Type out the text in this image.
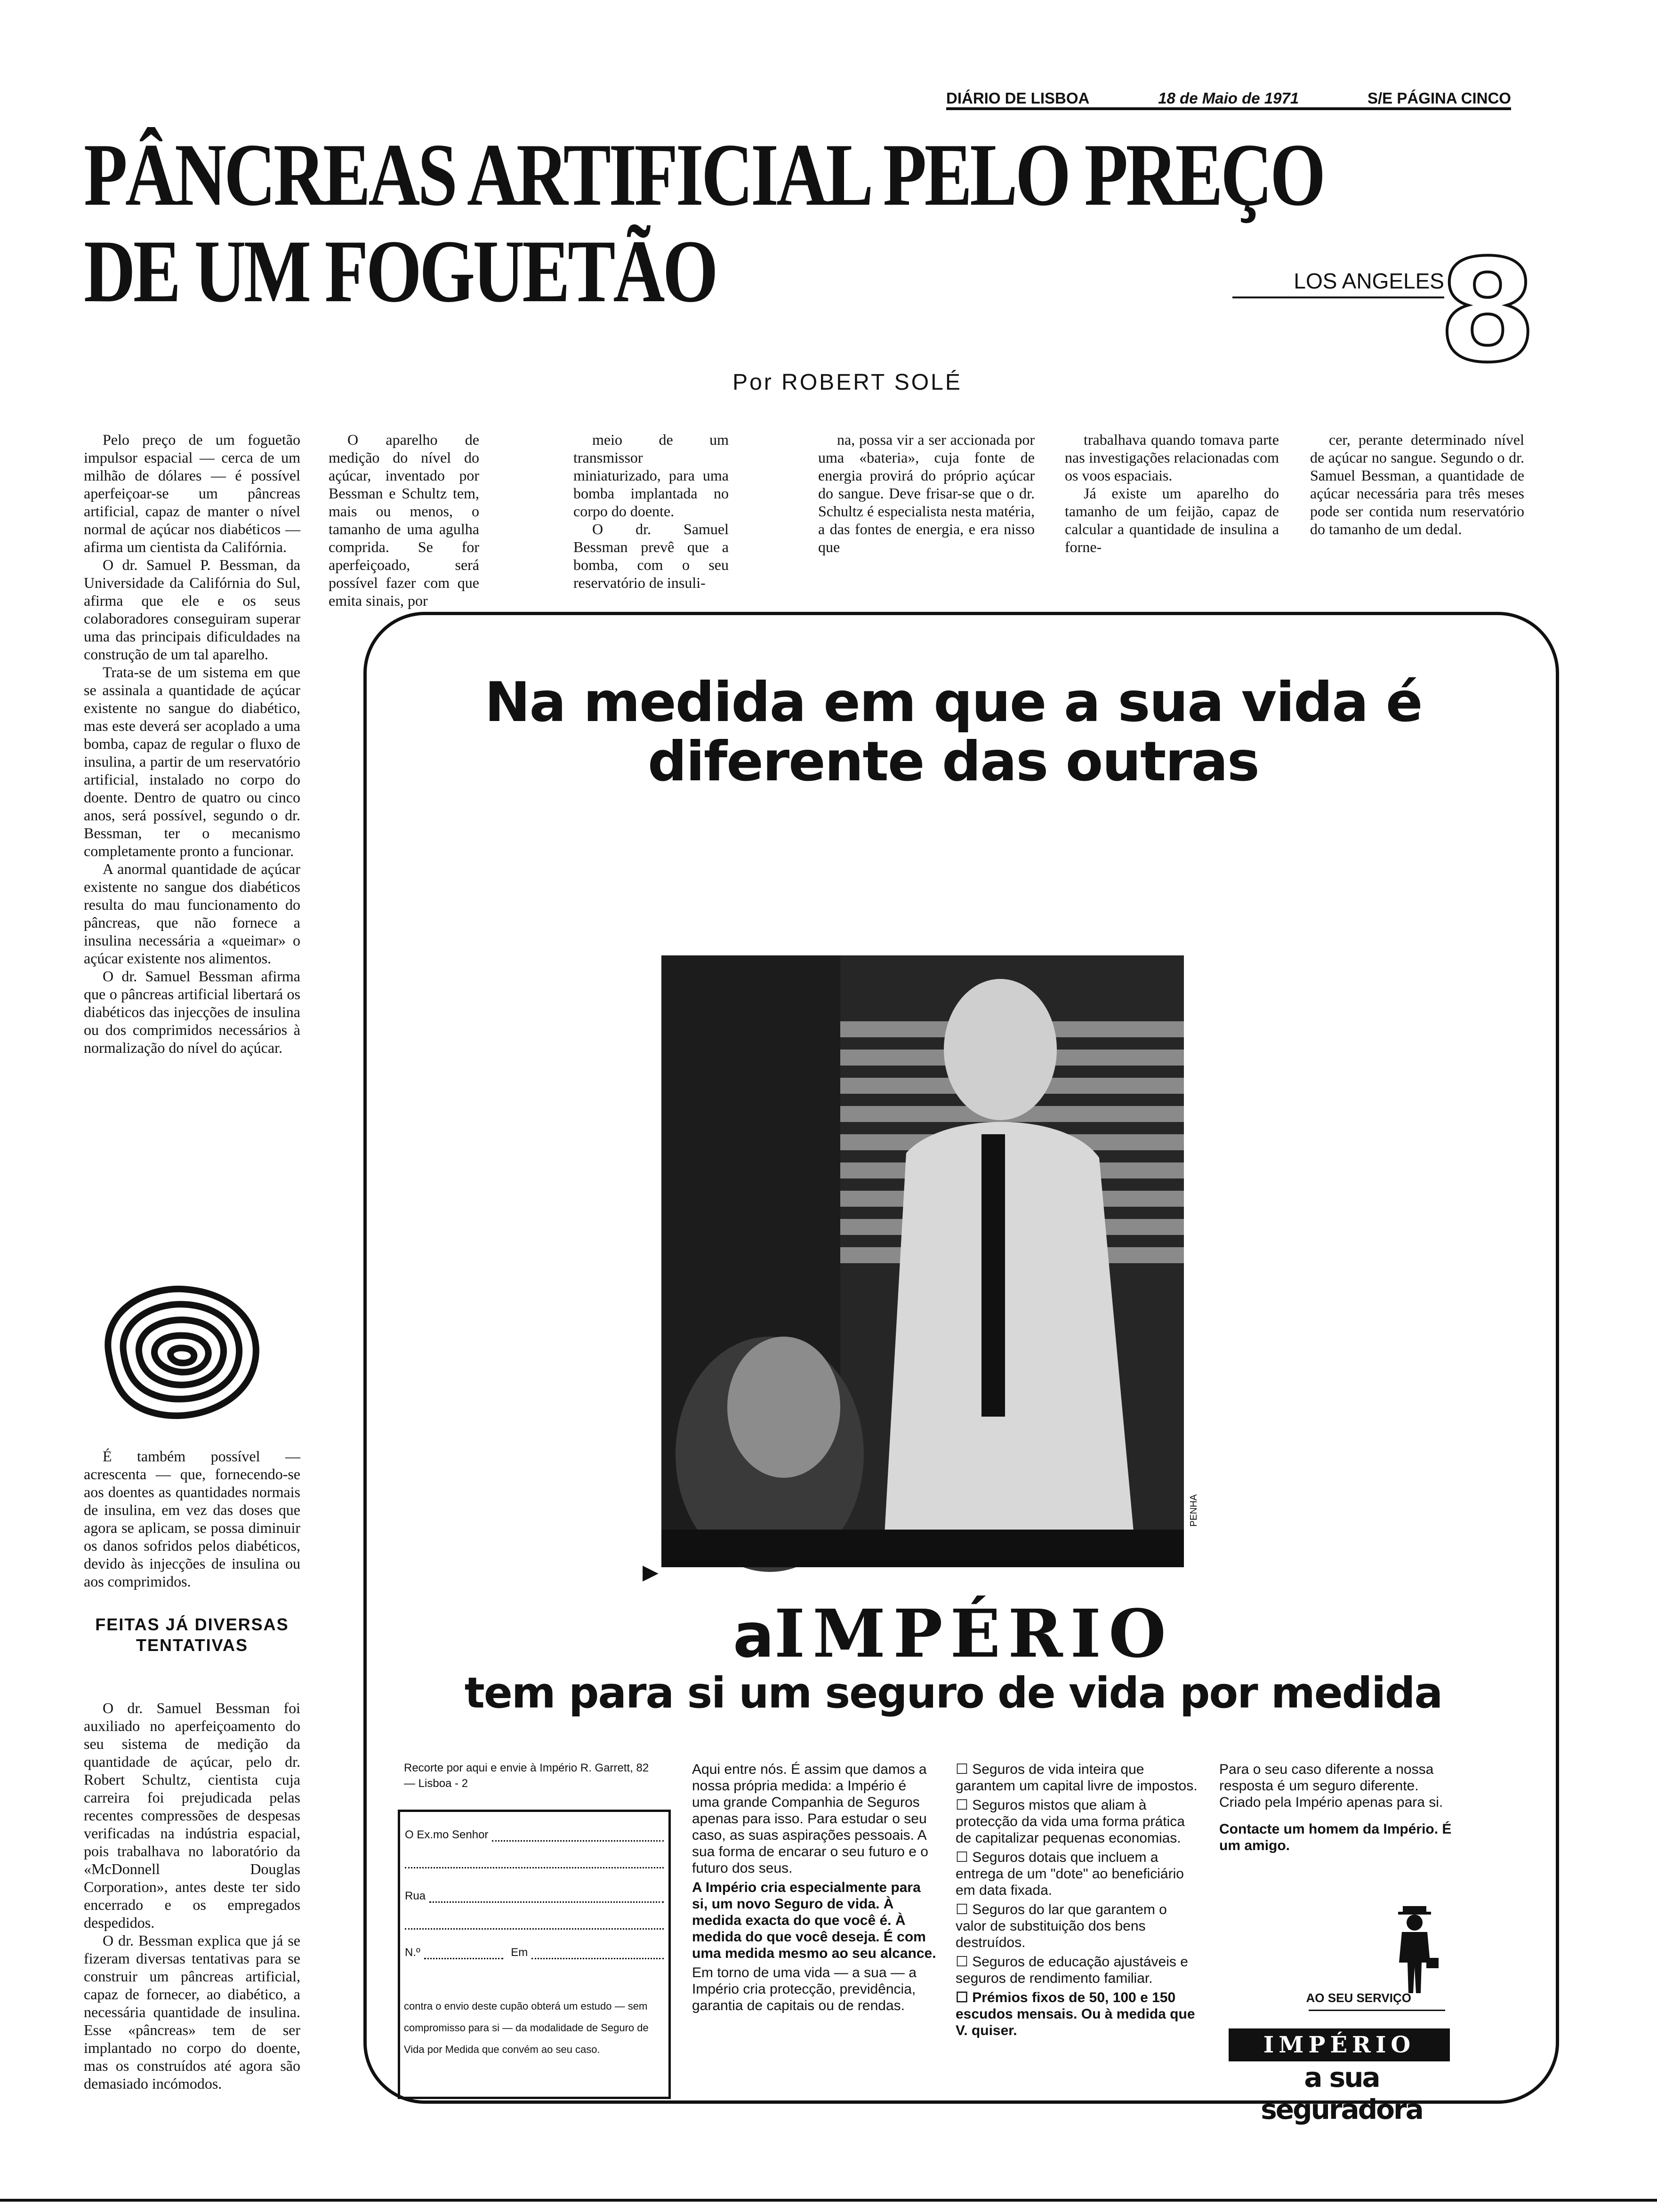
DIÁRIO DE LISBOA	18 de Maio de 1971	S/E PÁGINA CINCO
PÂNCREAS ARTIFICIAL PELO PREÇO
DE UM FOGUETÃO	LOS ANGELES
8
Por ROBERT SOLÉ

O aparelho de medição do nível do açúcar, inventado por Bessman e Schultz tem, mais ou menos, o tamanho de uma agulha comprida. Se for aperfeiçoado, será possível fazer com que emita sinais, por

meio de um transmissor miniaturizado, para uma bomba implantada no corpo do doente.

O dr. Samuel Bessman prevê que a bomba, com o seu reservatório de insuli-

na, possa vir a ser accionada por uma «bateria», cuja fonte de energia provirá do próprio açúcar do sangue. Deve frisar-se que o dr. Schultz é especialista nesta matéria, a das fontes de energia, e era nisso que

trabalhava quando tomava parte nas investigações relacionadas com os voos espaciais.

Já existe um aparelho do tamanho de um feijão, capaz de calcular a quantidade de insulina a forne-

cer, perante determinado nível de açúcar no sangue. Segundo o dr. Samuel Bessman, a quantidade de açúcar necessária para três meses pode ser contida num reservatório do tamanho de um dedal.

Pelo preço de um foguetão impulsor espacial — cerca de um milhão de dólares — é possível aperfeiçoar-se um pâncreas artificial, capaz de manter o nível normal de açúcar nos diabéticos — afirma um cientista da Califórnia.

O dr. Samuel P. Bessman, da Universidade da Califórnia do Sul, afirma que ele e os seus colaboradores conseguiram superar uma das principais dificuldades na construção de um tal aparelho.

Trata-se de um sistema em que se assinala a quantidade de açúcar existente no sangue do diabético, mas este deverá ser acoplado a uma bomba, capaz de regular o fluxo de insulina, a partir de um reservatório artificial, instalado no corpo do doente. Dentro de quatro ou cinco anos, será possível, segundo o dr. Bessman, ter o mecanismo completamente pronto a funcionar.

A anormal quantidade de açúcar existente no sangue dos diabéticos resulta do mau funcionamento do pâncreas, que não fornece a insulina necessária a «queimar» o açúcar existente nos alimentos.

O dr. Samuel Bessman afirma que o pâncreas artificial libertará os diabéticos das injecções de insulina ou dos comprimidos necessários à normalização do nível do açúcar.

É também possível — acrescenta — que, fornecendo-se aos doentes as quantidades normais de insulina, em vez das doses que agora se aplicam, se possa diminuir os danos sofridos pelos diabéticos, devido às injecções de insulina ou aos comprimidos.

FEITAS JÁ DIVERSAS TENTATIVAS

O dr. Samuel Bessman foi auxiliado no aperfeiçoamento do seu sistema de medição da quantidade de açúcar, pelo dr. Robert Schultz, cientista cuja carreira foi prejudicada pelas recentes compressões de despesas verificadas na indústria espacial, pois trabalhava no laboratório da «McDonnell Douglas Corporation», antes deste ter sido encerrado e os empregados despedidos.

O dr. Bessman explica que já se fizeram diversas tentativas para se construir um pâncreas artificial, capaz de fornecer, ao diabético, a necessária quantidade de insulina. Esse «pâncreas» tem de ser implantado no corpo do doente, mas os construídos até agora são demasiado incómodos.

Na medida em que a sua vida é diferente das outras
PENHA
▶
aIMPÉRIO
tem para si um seguro de vida por medida
Recorte por aqui e envie à Império R. Garrett, 82 — Lisboa - 2
O Ex.mo Senhor
Rua
N.º	Em
contra o envio deste cupão obterá um estudo — sem compromisso para si — da modalidade de Seguro de Vida por Medida que convém ao seu caso.

Aqui entre nós. É assim que damos a nossa própria medida: a Império é uma grande Companhia de Seguros apenas para isso. Para estudar o seu caso, as suas aspirações pessoais. A sua forma de encarar o seu futuro e o futuro dos seus.

A Império cria especialmente para si, um novo Seguro de vida. À medida exacta do que você é. À medida do que você deseja. É com uma medida mesmo ao seu alcance.

Em torno de uma vida — a sua — a Império cria protecção, previdência, garantia de capitais ou de rendas.

☐ Seguros de vida inteira que garantem um capital livre de impostos.

☐ Seguros mistos que aliam à protecção da vida uma forma prática de capitalizar pequenas economias.

☐ Seguros dotais que incluem a entrega de um "dote" ao beneficiário em data fixada.

☐ Seguros do lar que garantem o valor de substituição dos bens destruídos.

☐ Seguros de educação ajustáveis e seguros de rendimento familiar.

☐ Prémios fixos de 50, 100 e 150 escudos mensais. Ou à medida que V. quiser.

Para o seu caso diferente a nossa resposta é um seguro diferente. Criado pela Império apenas para si.

Contacte um homem da Império. É um amigo.

AO SEU SERVIÇO
IMPÉRIO
a sua seguradora
